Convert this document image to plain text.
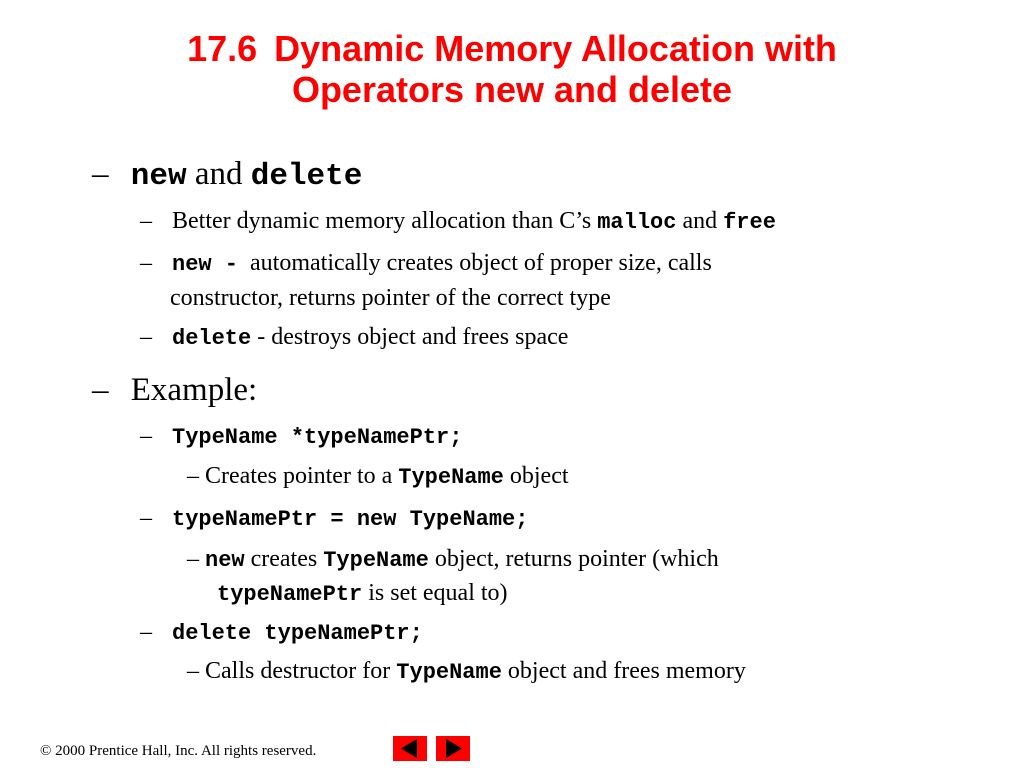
17.6 Dynamic Memory Allocation with
Operators new and delete
– new and delete
– Better dynamic memory allocation than C’s malloc and free
– new - automatically creates object of proper size, calls
constructor, returns pointer of the correct type
– delete - destroys object and frees space
– Example:
– TypeName *typeNamePtr;
– Creates pointer to a TypeName object
– typeNamePtr = new TypeName;
– new creates TypeName object, returns pointer (which
typeNamePtr is set equal to)
– delete typeNamePtr;
– Calls destructor for TypeName object and frees memory
© 2000 Prentice Hall, Inc. All rights reserved.
